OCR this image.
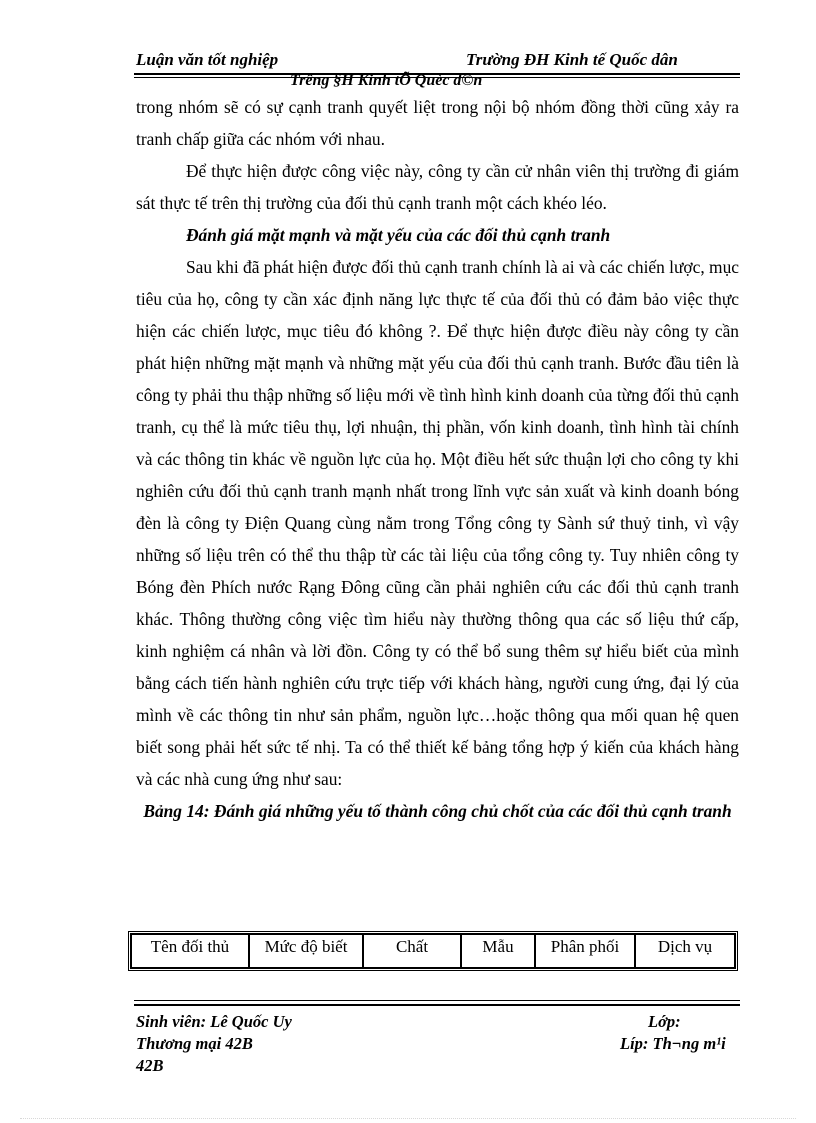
Luận văn tốt nghiệp	Trường ĐH Kinh tế Quốc dân
Trêng §H Kinh tÕ Quèc d©n

trong nhóm sẽ có sự cạnh tranh quyết liệt trong nội bộ nhóm đồng thời cũng xảy ra tranh chấp giữa các nhóm với nhau.

Để thực hiện được công việc này, công ty cần cử nhân viên thị trường đi giám sát thực tế trên thị trường của đối thủ cạnh tranh một cách khéo léo.

Đánh giá mặt mạnh và mặt yếu của các đối thủ cạnh tranh

Sau khi đã phát hiện được đối thủ cạnh tranh chính là ai và các chiến lược, mục tiêu của họ, công ty cần xác định năng lực thực tế của đối thủ có đảm bảo việc thực hiện các chiến lược, mục tiêu đó không ?. Để thực hiện được điều này công ty cần phát hiện những mặt mạnh và những mặt yếu của đối thủ cạnh tranh. Bước đầu tiên là công ty phải thu thập những số liệu mới về tình hình kinh doanh của từng đối thủ cạnh tranh, cụ thể là mức tiêu thụ, lợi nhuận, thị phần, vốn kinh doanh, tình hình tài chính và các thông tin khác về nguồn lực của họ. Một điều hết sức thuận lợi cho công ty khi nghiên cứu đối thủ cạnh tranh mạnh nhất trong lĩnh vực sản xuất và kinh doanh bóng đèn là công ty Điện Quang cùng nằm trong Tổng công ty Sành sứ thuỷ tinh, vì vậy những số liệu trên có thể thu thập từ các tài liệu của tổng công ty. Tuy nhiên công ty Bóng đèn Phích nước Rạng Đông cũng cần phải nghiên cứu các đối thủ cạnh tranh khác. Thông thường công việc tìm hiểu này thường thông qua các số liệu thứ cấp, kinh nghiệm cá nhân và lời đồn. Công ty có thể bổ sung thêm sự hiểu biết của mình bằng cách tiến hành nghiên cứu trực tiếp với khách hàng, người cung ứng, đại lý của mình về các thông tin như sản phẩm, nguồn lực…hoặc thông qua mối quan hệ quen biết song phải hết sức tế nhị. Ta có thể thiết kế bảng tổng hợp ý kiến của khách hàng và các nhà cung ứng như sau:

Bảng 14: Đánh giá những yếu tố thành công chủ chốt của các đối thủ cạnh tranh

Tên đối thủ	Mức độ biết	Chất	Mẫu	Phân phối	Dịch vụ
Sinh viên: Lê Quốc Uy	Lớp:
Thương mại 42B	Líp: Th¬ng m¹i
42B
